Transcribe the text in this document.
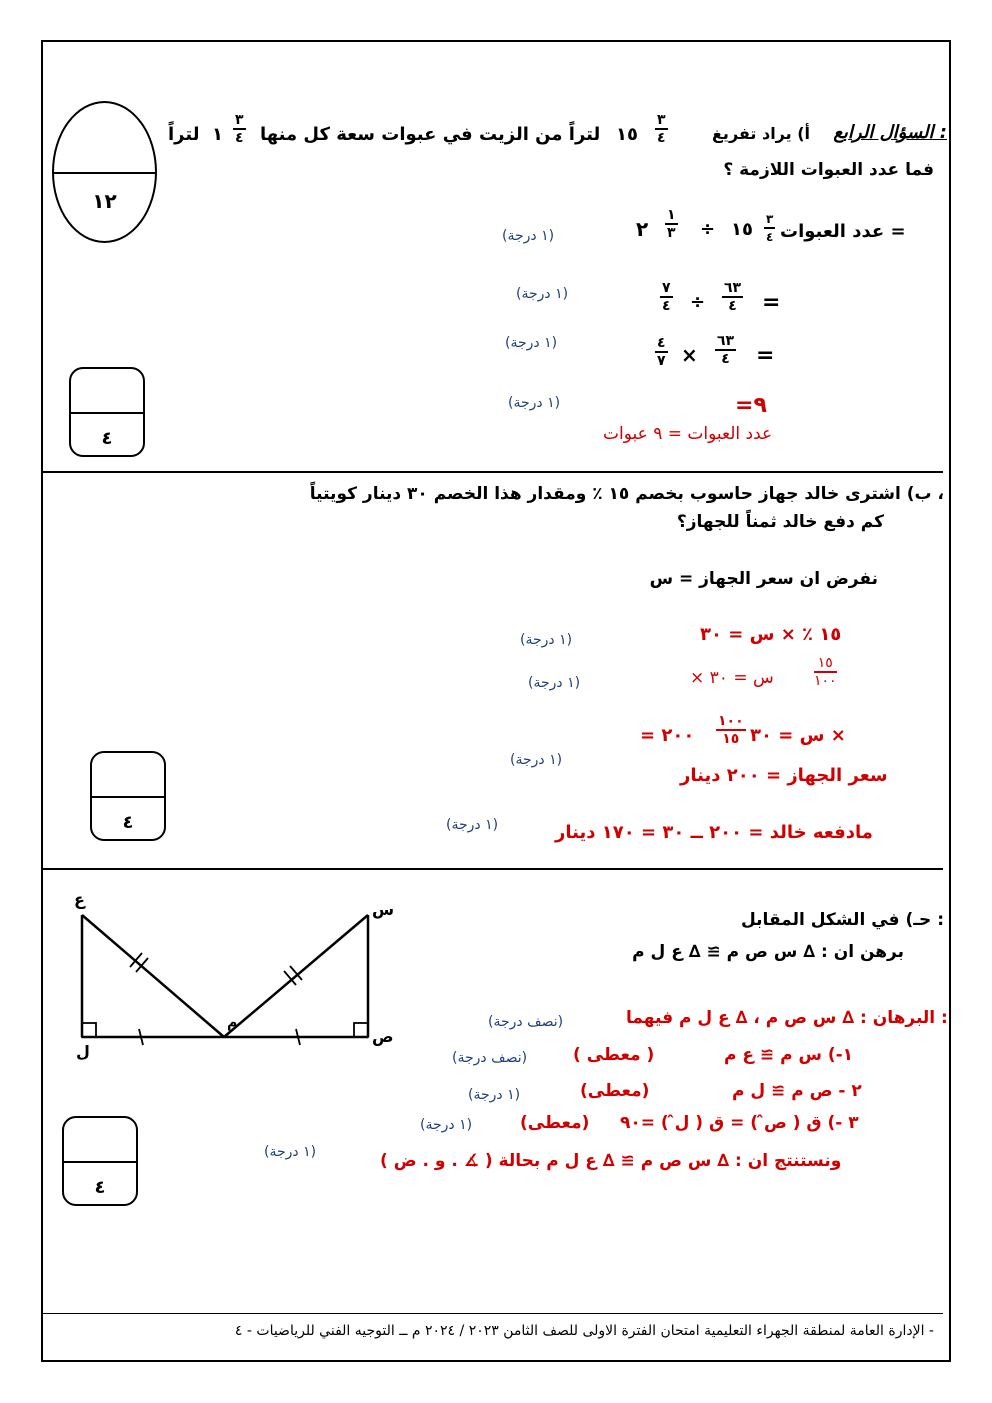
١٢
السؤال الرابع :
أ) يراد تفريغ
٣
٤
١٥
لتراً من الزيت في عبوات سعة كل منها
٣
٤
١
لتراً
فما عدد العبوات اللازمة ؟
عدد العبوات =
٣
٤
١٥
÷
١
٣
٢
(١ درجة)
=
٦٣
٤
÷
٧
٤
(١ درجة)
=
٦٣
٤
×
٤
٧
(١ درجة)
=٩
(١ درجة)
عدد العبوات = ٩ عبوات
٤
ب) اشترى خالد جهاز حاسوب بخصم ١٥ ٪ ومقدار هذا الخصم ٣٠ دينار كويتياً ،
كم دفع خالد ثمناً للجهاز؟
نفرض ان سعر الجهاز = س
١٥ ٪ × س = ٣٠
(١ درجة)
١٥
١٠٠
× س = ٣٠
(١ درجة)
س = ٣٠ ×
١٠٠
١٥
= ٢٠٠
(١ درجة)
سعر الجهاز = ٢٠٠ دينار
(١ درجة)	مادفعه خالد = ٢٠٠ ــ ٣٠ = ١٧٠ دينار
٤
ع
ل
س
ص
م
حـ) في الشكل المقابل :
برهن ان : ∆ س ص م ≅ ∆ ع ل م
البرهان : ∆ س ص م ، ∆ ع ل م فيهما :
(نصف درجة)
١-) س م ≅ ع م
( معطى )
(نصف درجة)
٢ - ص م ≅ ل م
(معطى)
(١ درجة)
٣ -) ق ( ص̂ ) = ق ( ل̂ ) =٩٠
(معطى)
(١ درجة)
(١ درجة)	ونستنتج ان : ∆ س ص م ≅ ∆ ع ل م بحالة ( ∡ . و . ض )
٤
الإدارة العامة لمنطقة الجهراء التعليمية امتحان الفترة الاولى للصف الثامن ٢٠٢٣ / ٢٠٢٤ م ــ التوجيه الفني للرياضيات - ٤ -
